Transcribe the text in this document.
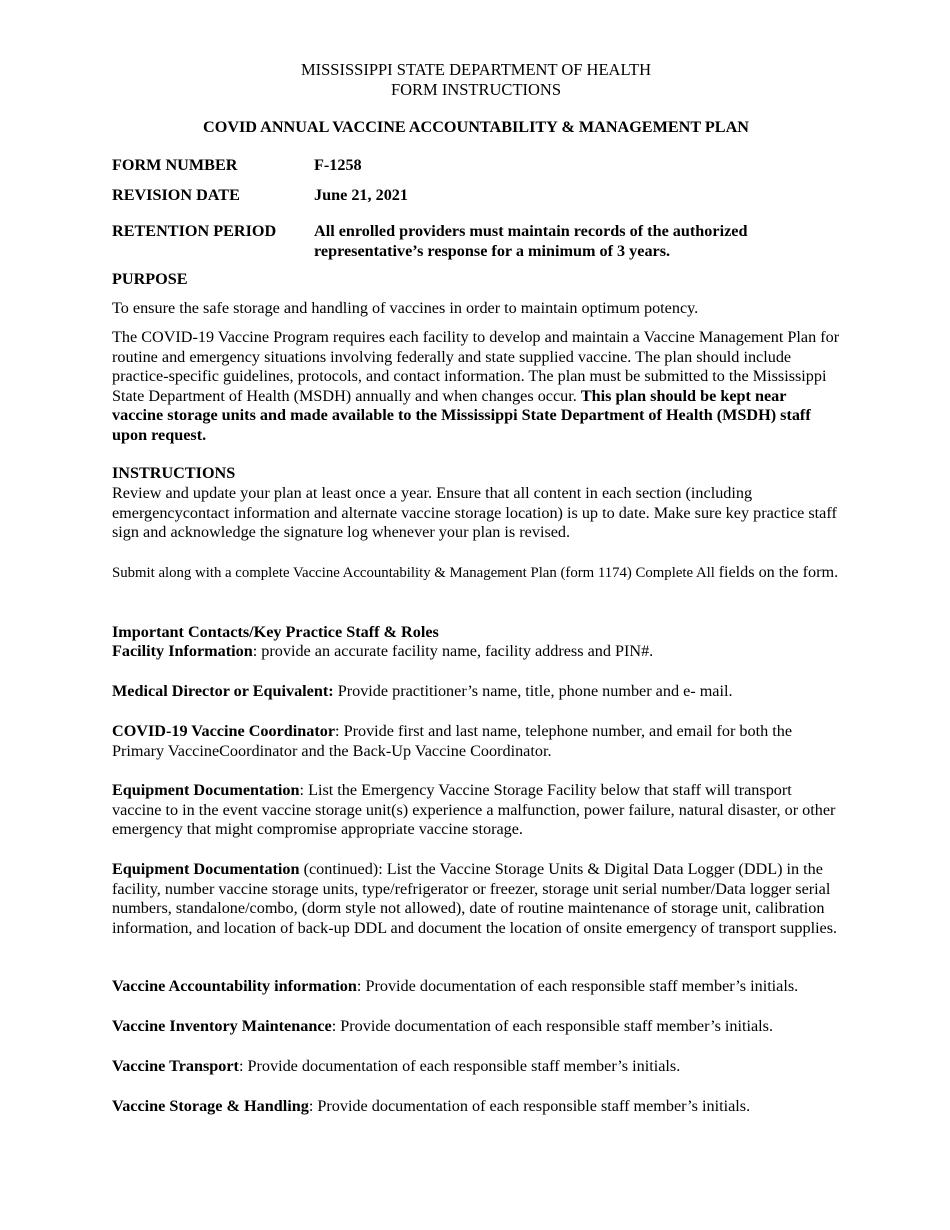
MISSISSIPPI STATE DEPARTMENT OF HEALTH
FORM INSTRUCTIONS
COVID ANNUAL VACCINE ACCOUNTABILITY & MANAGEMENT PLAN
FORM NUMBER	F-1258
REVISION DATE	June 21, 2021
RETENTION PERIOD	All enrolled providers must maintain records of the authorized representative’s response for a minimum of 3 years.
PURPOSE
To ensure the safe storage and handling of vaccines in order to maintain optimum potency.
The COVID-19 Vaccine Program requires each facility to develop and maintain a Vaccine Management Plan for routine and emergency situations involving federally and state supplied vaccine. The plan should include practice-specific guidelines, protocols, and contact information. The plan must be submitted to the Mississippi State Department of Health (MSDH) annually and when changes occur. This plan should be kept near vaccine storage units and made available to the Mississippi State Department of Health (MSDH) staff upon request.
INSTRUCTIONS
Review and update your plan at least once a year. Ensure that all content in each section (including emergencycontact information and alternate vaccine storage location) is up to date. Make sure key practice staff sign and acknowledge the signature log whenever your plan is revised.
Submit along with a complete Vaccine Accountability & Management Plan (form 1174) Complete All fields on the form.
Important Contacts/Key Practice Staff & Roles
Facility Information: provide an accurate facility name, facility address and PIN#.
Medical Director or Equivalent: Provide practitioner’s name, title, phone number and e- mail.
COVID-19 Vaccine Coordinator: Provide first and last name, telephone number, and email for both the Primary VaccineCoordinator and the Back-Up Vaccine Coordinator.
Equipment Documentation: List the Emergency Vaccine Storage Facility below that staff will transport vaccine to in the event vaccine storage unit(s) experience a malfunction, power failure, natural disaster, or other emergency that might compromise appropriate vaccine storage.
Equipment Documentation (continued): List the Vaccine Storage Units & Digital Data Logger (DDL) in the facility, number vaccine storage units, type/refrigerator or freezer, storage unit serial number/Data logger serial numbers, standalone/combo, (dorm style not allowed), date of routine maintenance of storage unit, calibration information, and location of back-up DDL and document the location of onsite emergency of transport supplies.
Vaccine Accountability information: Provide documentation of each responsible staff member’s initials.
Vaccine Inventory Maintenance: Provide documentation of each responsible staff member’s initials.
Vaccine Transport: Provide documentation of each responsible staff member’s initials.
Vaccine Storage & Handling: Provide documentation of each responsible staff member’s initials.
